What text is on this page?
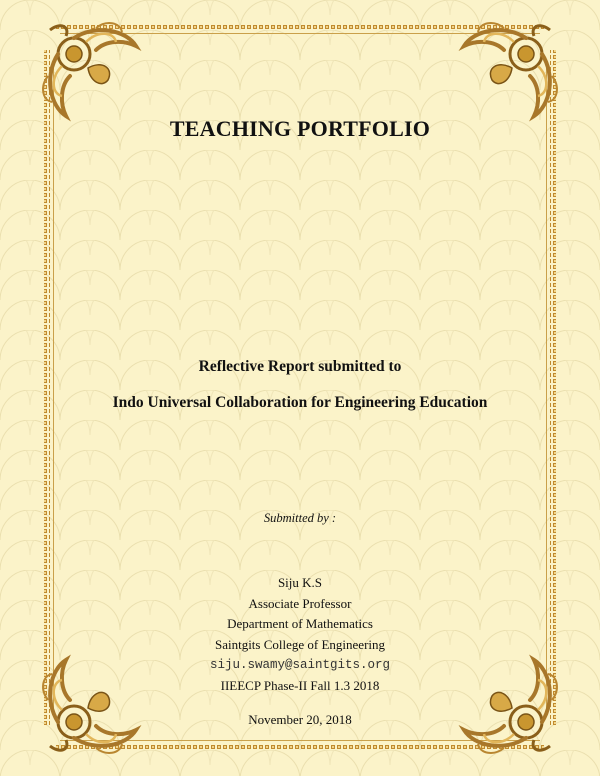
TEACHING PORTFOLIO
Reflective Report submitted to
Indo Universal Collaboration for Engineering Education
Submitted by :
Siju K.S
Associate Professor
Department of Mathematics
Saintgits College of Engineering
siju.swamy@saintgits.org
IIEECP Phase-II Fall 1.3 2018
November 20, 2018
